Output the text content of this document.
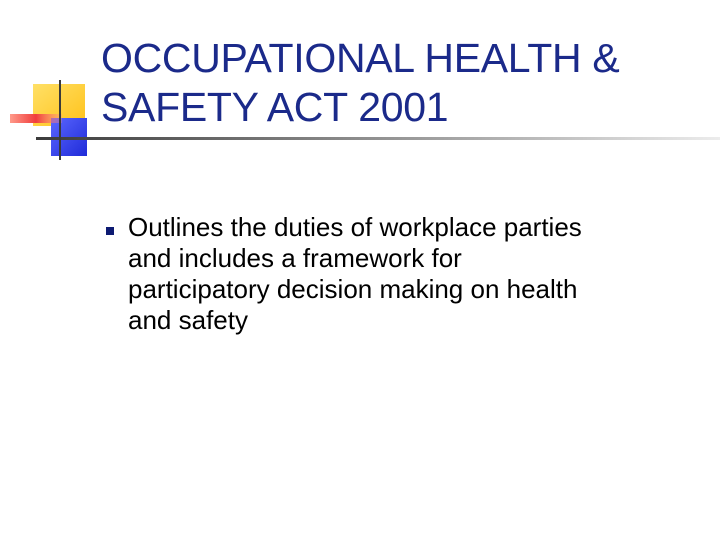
OCCUPATIONAL HEALTH &
SAFETY ACT 2001
Outlines the duties of workplace parties
and includes a framework for
participatory decision making on health
and safety
